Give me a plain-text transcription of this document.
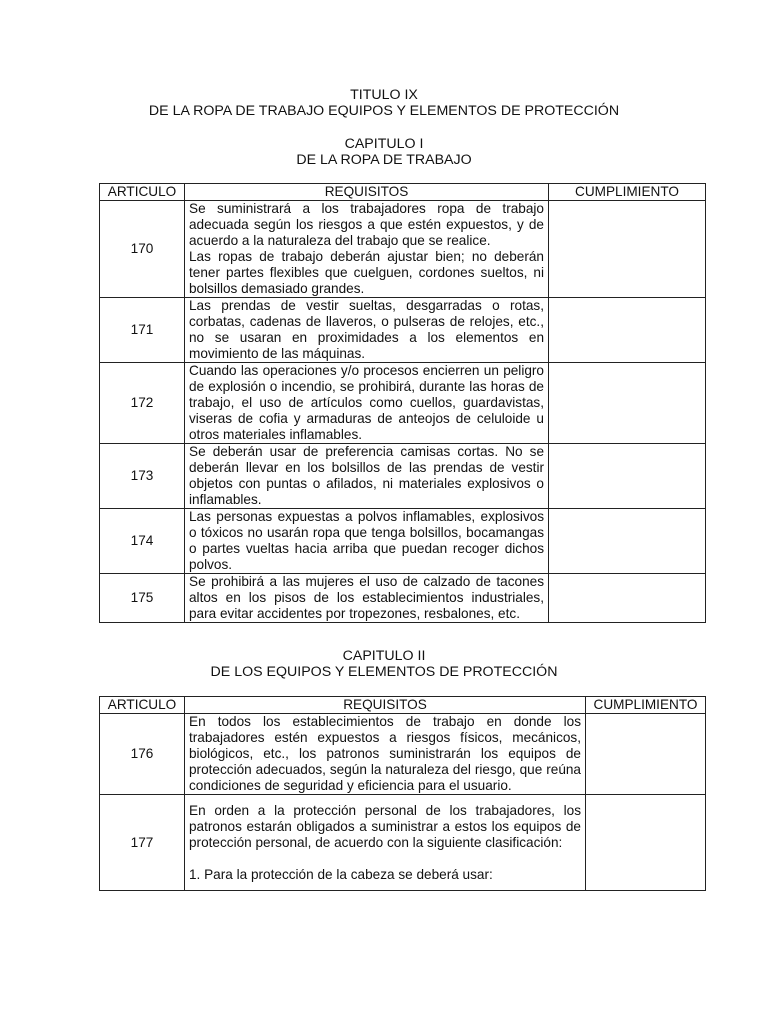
TITULO IX
DE LA ROPA DE TRABAJO EQUIPOS Y ELEMENTOS DE PROTECCIÓN
CAPITULO I
DE LA ROPA DE TRABAJO
ARTICULO	REQUISITOS	CUMPLIMIENTO
170	Se suministrará a los trabajadores ropa de trabajo adecuada según los riesgos a que estén expuestos, y de acuerdo a la naturaleza del trabajo que se realice.

Las ropas de trabajo deberán ajustar bien; no deberán tener partes flexibles que cuelguen, cordones sueltos, ni bolsillos demasiado grandes.	

171	Las prendas de vestir sueltas, desgarradas o rotas, corbatas, cadenas de llaveros, o pulseras de relojes, etc., no se usaran en proximidades a los elementos en movimiento de las máquinas.	

172	Cuando las operaciones y/o procesos encierren un peligro de explosión o incendio, se prohibirá, durante las horas de trabajo, el uso de artículos como cuellos, guardavistas, viseras de cofia y armaduras de anteojos de celuloide u otros materiales inflamables.	

173	Se deberán usar de preferencia camisas cortas. No se deberán llevar en los bolsillos de las prendas de vestir objetos con puntas o afilados, ni materiales explosivos o inflamables.	

174	Las personas expuestas a polvos inflamables, explosivos o tóxicos no usarán ropa que tenga bolsillos, bocamangas o partes vueltas hacia arriba que puedan recoger dichos polvos.	

175	Se prohibirá a las mujeres el uso de calzado de tacones altos en los pisos de los establecimientos industriales, para evitar accidentes por tropezones, resbalones, etc.	

CAPITULO II
DE LOS EQUIPOS Y ELEMENTOS DE PROTECCIÓN
ARTICULO	REQUISITOS	CUMPLIMIENTO
176	En todos los establecimientos de trabajo en donde los trabajadores estén expuestos a riesgos físicos, mecánicos, biológicos, etc., los patronos suministrarán los equipos de protección adecuados, según la naturaleza del riesgo, que reúna condiciones de seguridad y eficiencia para el usuario.	

177	En orden a la protección personal de los trabajadores, los patronos estarán obligados a suministrar a estos los equipos de protección personal, de acuerdo con la siguiente clasificación:

1. Para la protección de la cabeza se deberá usar:	
